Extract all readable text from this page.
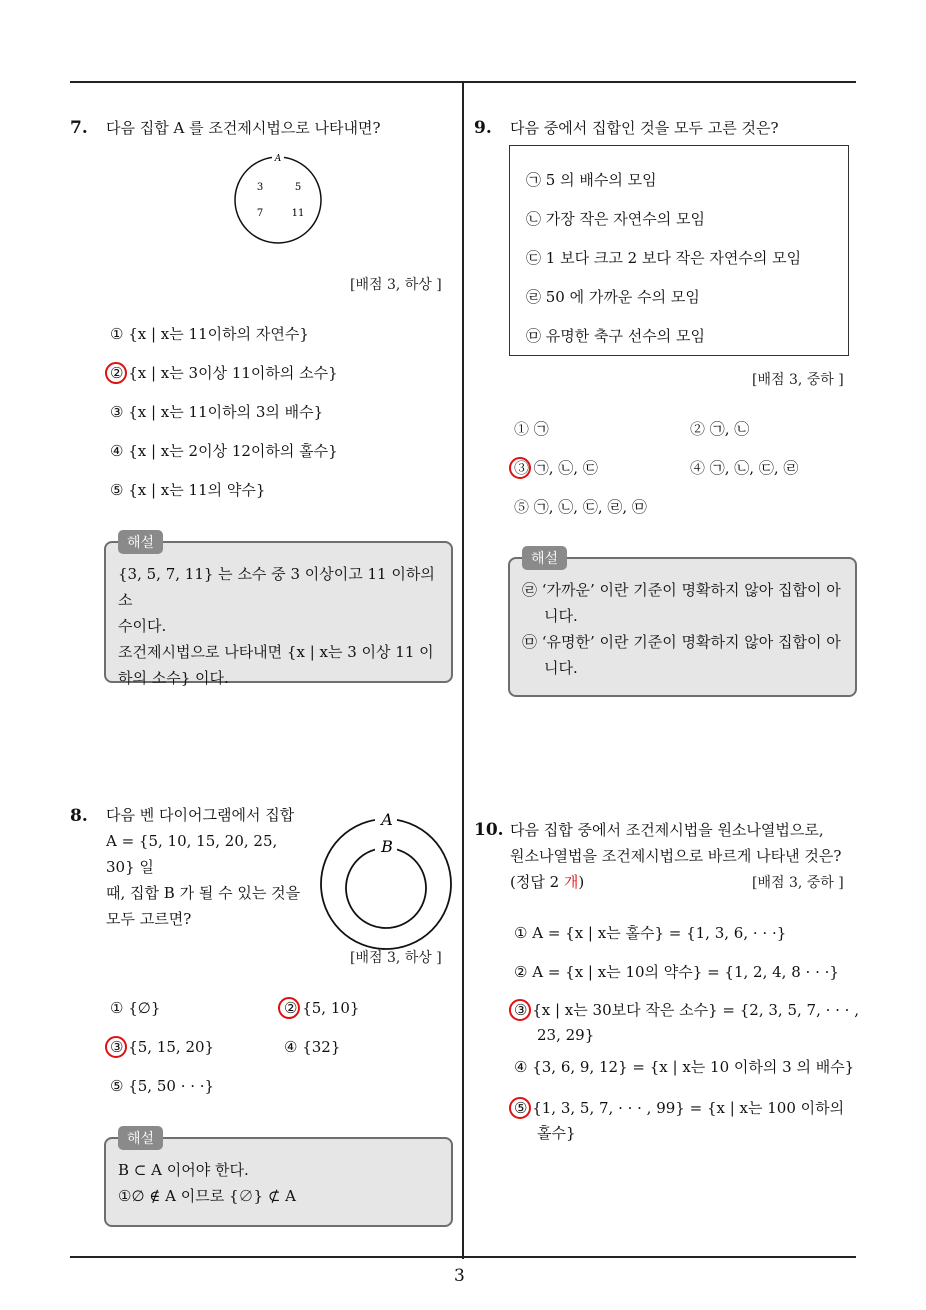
3
7. 다음 집합 A 를 조건제시법으로 나타내면?
A
3	5
7	11
[배점 3, 하상 ]
① {x | x는 11이하의 자연수}
② {x | x는 3이상 11이하의 소수}
③ {x | x는 11이하의 3의 배수}
④ {x | x는 2이상 12이하의 홀수}
⑤ {x | x는 11의 약수}
{3, 5, 7, 11} 는 소수 중 3 이상이고 11 이하의 소
수이다.
조건제시법으로 나타내면 {x | x는 3 이상 11 이
하의 소수} 이다.
해설
8. 다음 벤 다이어그램에서 집합
A = {5, 10, 15, 20, 25, 30} 일
때, 집합 B 가 될 수 있는 것을
모두 고르면?
A
B
[배점 3, 하상 ]
① {∅}	② {5, 10}
③ {5, 15, 20}	④ {32}
⑤ {5, 50 · · ·}
B ⊂ A 이어야 한다.
①∅ ∉ A 이므로 {∅} ⊄ A
해설
9. 다음 중에서 집합인 것을 모두 고른 것은?
㉠ 5 의 배수의 모임
㉡ 가장 작은 자연수의 모임
㉢ 1 보다 크고 2 보다 작은 자연수의 모임
㉣ 50 에 가까운 수의 모임
㉤ 유명한 축구 선수의 모임
[배점 3, 중하 ]
① ㉠	② ㉠, ㉡
③ ㉠, ㉡, ㉢	④ ㉠, ㉡, ㉢, ㉣
⑤ ㉠, ㉡, ㉢, ㉣, ㉤
㉣ ‘가까운’ 이란 기준이 명확하지 않아 집합이 아
니다.
㉤ ‘유명한’ 이란 기준이 명확하지 않아 집합이 아
니다.
해설
10. 다음 집합 중에서 조건제시법을 원소나열법으로,
원소나열법을 조건제시법으로 바르게 나타낸 것은?
(정답 2 개)	[배점 3, 중하 ]
① A = {x | x는 홀수} = {1, 3, 6, · · ·}
② A = {x | x는 10의 약수} = {1, 2, 4, 8 · · ·}
③ {x | x는 30보다 작은 소수} = {2, 3, 5, 7, · · · ,
23, 29}
④ {3, 6, 9, 12} = {x | x는 10 이하의 3 의 배수}
⑤ {1, 3, 5, 7, · · · , 99} = {x | x는 100 이하의
홀수}
